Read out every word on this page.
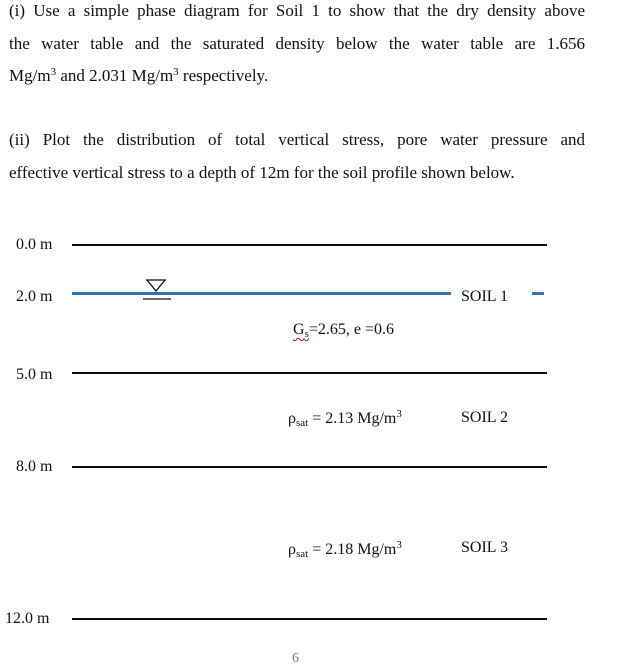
(i) Use a simple phase diagram for Soil 1 to show that the dry density above
the water table and the saturated density below the water table are 1.656
$Mg/m^3$ and 2.031 $Mg/m^3$ respectively.
(ii) Plot the distribution of total vertical stress, pore water pressure and
effective vertical stress to a depth of 12m for the soil profile shown below.
0.0 m
2.0 m
5.0 m
8.0 m
12.0 m
SOIL 1
$G_s=2.65$, e =0.6
$\rho_{sat} = 2.13$ $Mg/m^3$	SOIL 2
$\rho_{sat} = 2.18$ $Mg/m^3$	SOIL 3
6
